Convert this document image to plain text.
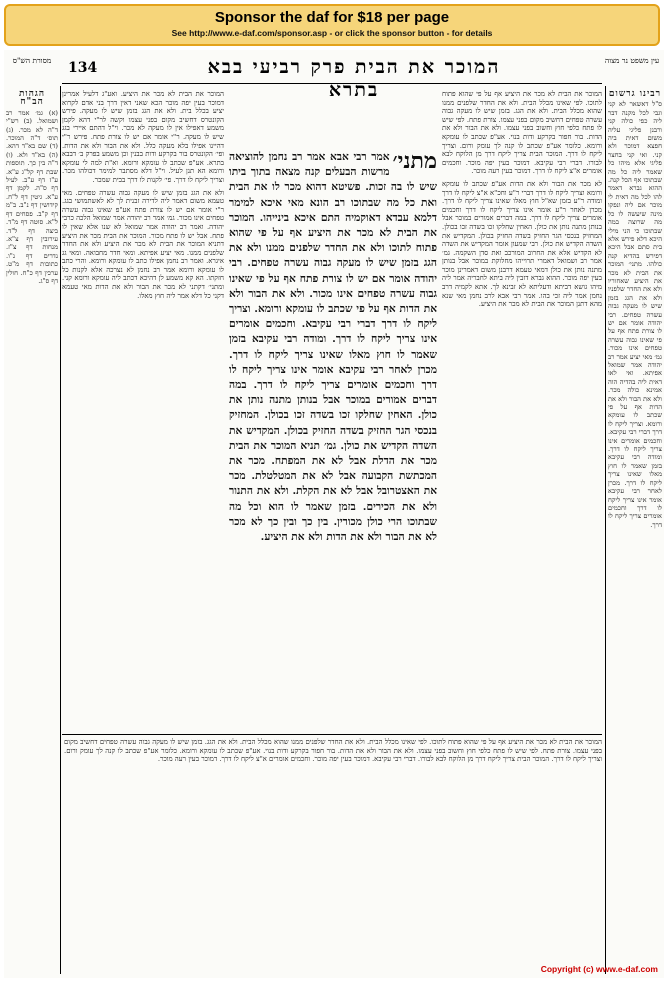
Sponsor the daf for $18 per page
See http://www.e-daf.com/sponsor.asp - or click the sponsor button - for details
מסורת הש"ס	134	המוכר את הבית פרק רביעי בבא בתרא
עין משפט נר מצוה
רבינו גרשום
ס"ל דאשאר לא קני וגבי לכל מקנה דבר ליה כפי כולה קני ורבנן פליגי עליה משום דאית ביה חפצא דמוכר ולא קני. ואי קני בחצר פליגי אלא מיהו כל שאמר ליה כל מה שבתוכו אף הכל קנה. ההוא גברא דאמר להו לכל מה דאית לי מוכר אם ליה ונפקו מינה שיעשה לו כל מה שרוצה במה שבתוכו כי הני מילי היכא דלא פירש אלא בית סתם אבל היכא דפירש בהדיא קנה כולהו. מתני׳ המוכר את הבית לא מכר את היציע שאחוריו ולא את החדר שלפניו ולא את הגג בזמן שיש לו מעקה גבוה עשרה טפחים. רבי יהודה אומר אם יש לו צורת פתח אף על פי שאינו גבוה עשרה טפחים אינו מכור. גמ׳ מאי יציע אמר רב יהודה אמר שמואל אפיתא. ואי לאו דאית ליה בהדיה הוה אמינא כולה מכר. ולא את הבור ולא את הדות אף על פי שכתב לו עומקא ורומא. וצריך ליקח לו דרך דברי רבי עקיבא. וחכמים אומרים אינו צריך ליקח לו דרך. ומודה רבי עקיבא בזמן שאמר לו חוץ מאלו שאינו צריך ליקח לו דרך. מכרן לאחר רבי עקיבא אומר אינו צריך ליקח לו דרך וחכמים אומרים צריך ליקח לו דרך.
המוכר את הבית לא מכר את היציע אף על פי שהוא פתוח לתוכו. לפי שאינו מכלל הבית. ולא את החדר שלפנים ממנו שהוא מכלל הבית. ולא את הגג. בזמן שיש לו מעקה גבוה עשרה טפחים דחשיב מקום בפני עצמו. צורת פתח. לפי שיש לו פתח כלפי חוץ וחשוב בפני עצמו. ולא את הבור ולא את הדות. בור חפור בקרקע ודות בנוי. אע"פ שכתב לו עומקא ורומא. כלומר אע"פ שכתב לו קנה לך עומק ורום. וצריך ליקח לו דרך. המוכר הבית צריך ליקח דרך מן הלוקח לבא לבורו. דברי רבי עקיבא. דמוכר בעין יפה מוכר. וחכמים אומרים א"צ ליקח לו דרך. דמוכר בעין רעה מוכר.
לא מכר את הבור ולא את הדות אע"פ שכתב לו עומקא ורומא וצריך ליקח לו דרך דברי ר"ע וחכ"א א"צ ליקח לו דרך ומודה ר"ע בזמן שא"ל חוץ מאלו שאינו צריך ליקח לו דרך. מכרן לאחר ר"ע אומר אינו צריך ליקח לו דרך וחכמים אומרים צריך ליקח לו דרך. במה דברים אמורים במוכר אבל בנותן מתנה נותן את כולן. האחין שחלקו זכו בשדה זכו בכולן. המחזיק בנכסי הגר החזיק בשדה החזיק בכולן. המקדיש את השדה הקדיש את כולן. רבי שמעון אומר המקדיש את השדה לא הקדיש אלא את החרוב המורכב ואת סדן השקמה. גמ׳ אמר רב ושמואל דאמרי תרוייהו מחלוקת במוכר אבל בנותן מתנה נותן את כולן דמאי טעמא דרבנן משום דאמרינן מוכר בעין יפה מוכר. ההוא גברא דזבין ליה ביתא לחבריה אמר ליה מיהו גושא דביתא ודעליתא לא זבינא לך. אתא לקמיה דרב נחמן אמר ליה זכי בהו. אמר רבי אבא לרב נחמן מאי שנא מהא דתנן המוכר את הבית לא מכר את היציע.
מתני׳
אמר רבי אבא אמר רב נחמן להוציאה מרשות הבעלים קנה מצאה בתוך ביתו שיש לו בה זכות. פשיטא דהוא מכר לו את הבית ואת כל מה שבתוכו רב הונא מאי איכא למימר דלמא עבדא דאוקמיה התם איכא בינייהו. המוכר את הבית לא מכר את היציע אף על פי שהוא פתוח לתוכו ולא את החדר שלפנים ממנו ולא את הגג בזמן שיש לו מעקה גבוה עשרה טפחים. רבי יהודה אומר אם יש לו צורת פתח אף על פי שאינו גבוה עשרה טפחים אינו מכור. ולא את הבור ולא את הדות אף על פי שכתב לו עומקא ורומא. וצריך ליקח לו דרך דברי רבי עקיבא. וחכמים אומרים אינו צריך ליקח לו דרך. ומודה רבי עקיבא בזמן שאמר לו חוץ מאלו שאינו צריך ליקח לו דרך. מכרן לאחר רבי עקיבא אומר אינו צריך ליקח לו דרך וחכמים אומרים צריך ליקח לו דרך. במה דברים אמורים במוכר אבל בנותן מתנה נותן את כולן. האחין שחלקו זכו בשדה זכו בכולן. המחזיק בנכסי הגר החזיק בשדה החזיק בכולן. המקדיש את השדה הקדיש את כולן. גמ׳ תניא המוכר את הבית מכר את הדלת אבל לא את המפתח. מכר את המכתשת הקבועה אבל לא את המטלטלת. מכר את האצטרובל אבל לא את הקלת. ולא את התנור ולא את הכירים. בזמן שאמר לו הוא וכל מה שבתוכו הרי כולן מכורין. בין כך ובין כך לא מכר לא את הבור ולא את הדות ולא את היציע.
המוכר את הבית לא מכר את היציע. ואע"ג דלעיל אמרינן דמוכר בעין יפה מוכר הכא שאני דאין דרך בני אדם לקרוא יציע בכלל בית. ולא את הגג בזמן שיש לו מעקה. פירש הקונטרס דחשיב מקום בפני עצמו וקשה לר"י דהא לקמן משמע דאפילו אין לו מעקה לא מכר. וי"ל דהתם איירי בגג שיש לו מעקה. ר"י אומר אם יש לו צורת פתח. פירש ר"י דהיינו אפילו בלא מעקה כלל. ולא את הבור ולא את הדות. ופי׳ הקונטרס בור בקרקע ודות בבנין וכן משמע בפרק ב׳ דבבא בתרא. אע"פ שכתב לו עומקא ורומא. וא"ת למה לי עומקא ורומא הא תנן לעיל. וי"ל דלא מסתבר למימר דכולהו מכר. וצריך ליקח לו דרך. פי׳ לקנות לו דרך בבית שמכר.
ולא את הגג בזמן שיש לו מעקה גבוה עשרה טפחים. מאי טעמא משום דאמר ליה לדירה זבנית לך לא לאשתמושי בגג. ר"י אומר אם יש לו צורת פתח אע"פ שאינו גבוה עשרה טפחים אינו מכור. גמ׳ אמר רב יהודה אמר שמואל הלכה כרבי יהודה. ואמר רב יהודה אמר שמואל לא שנו אלא שאין לו פתח. אבל יש לו פתח מכור. המוכר את הבית מכר את היציע דתניא המוכר את הבית לא מכר את היציע ולא את החדר שלפנים ממנו. מאי יציע אפיתא. ומאי חדר מחבואה. ומאי גג איגרא. ואמר רב נחמן אפילו כתב לו עומקא ורומא. והרי כתב לו עומקא ורומא אמר רב נחמן לא נצרכה אלא לקנות כל חזקתו. הא קא משמע לן דהיכא דכתב ליה עומקא ורומא קני. ומתני׳ דקתני לא מכר את הבור ולא את הדות מאי טעמא דקני כל דלא אמר ליה חוץ מאלו.
המוכר את הבית לא מכר את היציע אף על פי שהוא פתוח לתוכו. לפי שאינו מכלל הבית. ולא את החדר שלפנים ממנו שהוא מכלל הבית. ולא את הגג. בזמן שיש לו מעקה גבוה עשרה טפחים דחשיב מקום בפני עצמו. צורת פתח. לפי שיש לו פתח כלפי חוץ וחשוב בפני עצמו. ולא את הבור ולא את הדות. בור חפור בקרקע ודות בנוי. אע"פ שכתב לו עומקא ורומא. כלומר אע"פ שכתב לו קנה לך עומק ורום. וצריך ליקח לו דרך. המוכר הבית צריך ליקח דרך מן הלוקח לבא לבורו. דברי רבי עקיבא. דמוכר בעין יפה מוכר. וחכמים אומרים א"צ ליקח לו דרך. דמוכר בעין רעה מוכר.
הגהות הב"ח
(א) גמ׳ אמר רב ושמואל. (ב) רש"י ד"ה לא מכר. (ג) תוס׳ ד"ה המוכר. (ד) שם בא"ד דהא. (ה) בא"ד ולא. (ו) ד"ה בין כך. תוספות שבת דף קל"ג ע"א. ע"ז דף ע"ב. לעיל דף ס"ה. לקמן דף ע"א. גיטין דף ל"ח. קידושין דף נ"ב. ב"מ דף ק"ב. פסחים דף ל"א. סוטה דף מ"ד. ביצה דף ל"ד. עירובין דף צ"א. מנחות דף צ"ז. נדרים דף נ"ו. כתובות דף מ"ט. ערכין דף כ"ח. חולין דף ס"ג.
Copyright (c) www.e-daf.com
